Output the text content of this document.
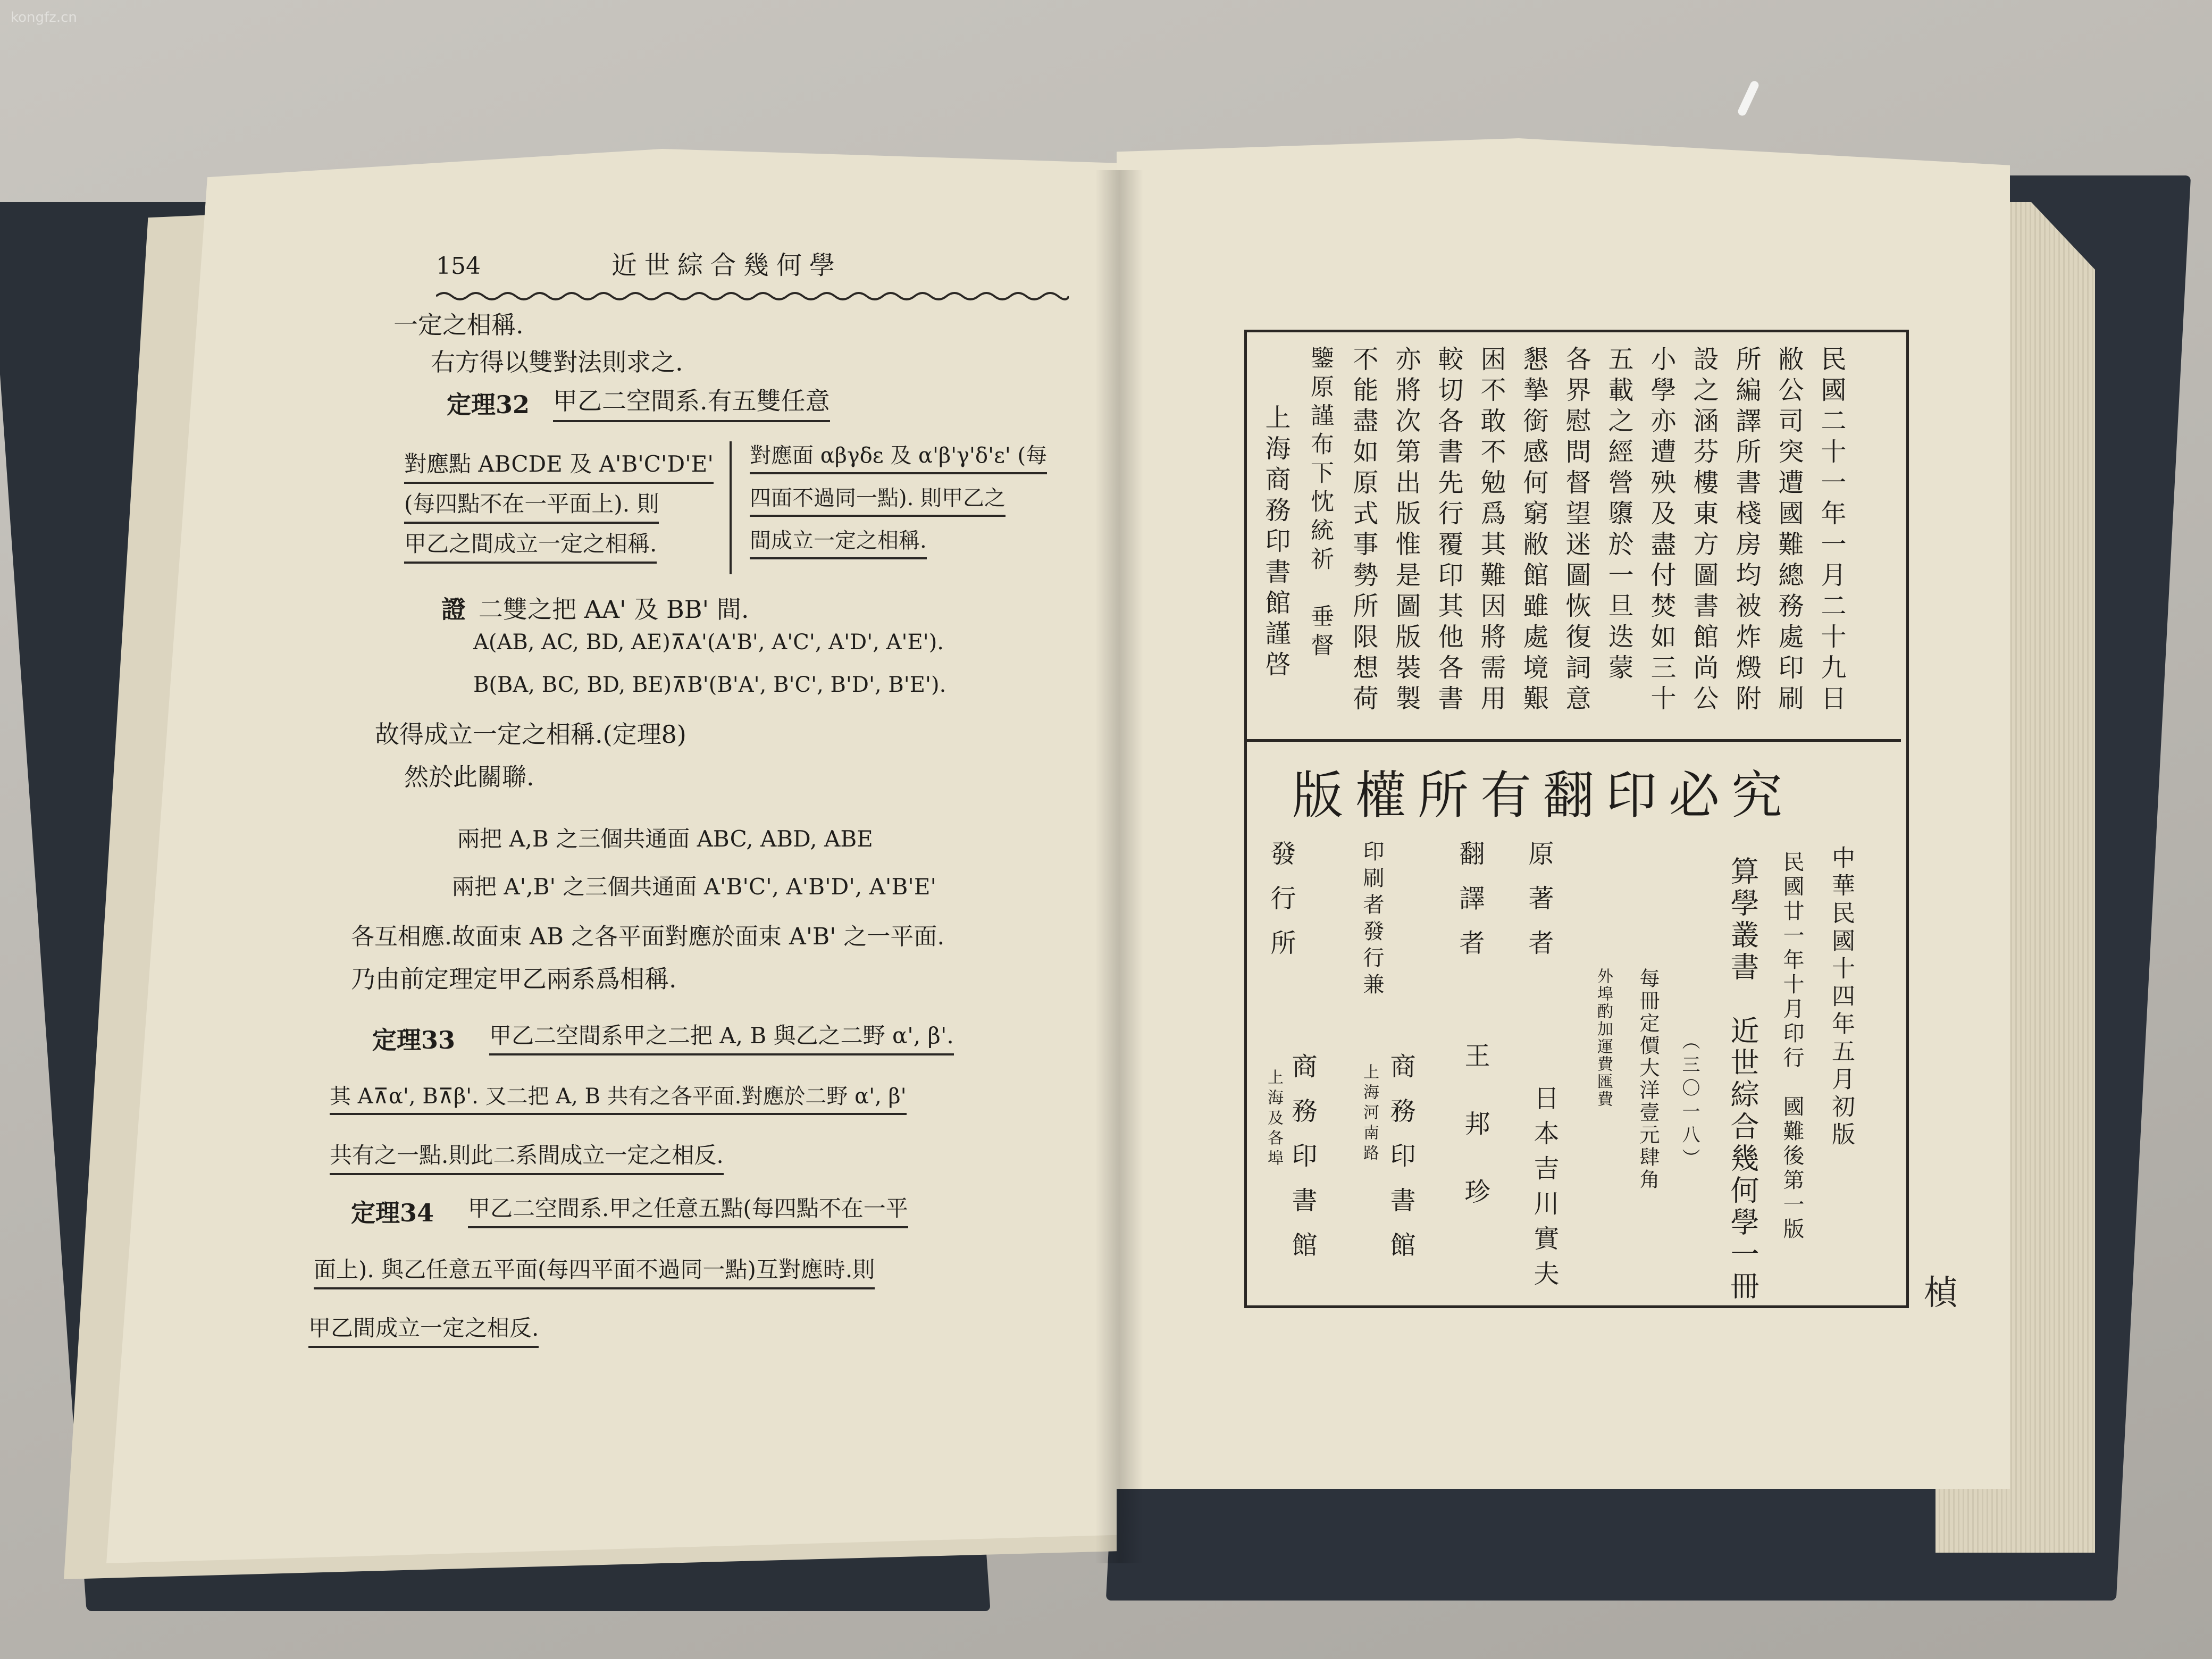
kongfz.cn
154	近世綜合幾何學
一定之相稱.
右方得以雙對法則求之.
定理32 甲乙二空間系.有五雙任意
對應點 ABCDE 及 A'B'C'D'E'
(每四點不在一平面上). 則
甲乙之間成立一定之相稱.
對應面 αβγδε 及 α'β'γ'δ'ε' (每
四面不過同一點). 則甲乙之
間成立一定之相稱.
證 二雙之把 AA' 及 BB' 間.
A(AB, AC, BD, AE)⊼A'(A'B', A'C', A'D', A'E').
B(BA, BC, BD, BE)⊼B'(B'A', B'C', B'D', B'E').
故得成立一定之相稱.(定理8)
然於此關聯.
兩把 A,B 之三個共通面 ABC, ABD, ABE
兩把 A',B' 之三個共通面 A'B'C', A'B'D', A'B'E'
各互相應.故面束 AB 之各平面對應於面束 A'B' 之一平面.
乃由前定理定甲乙兩系爲相稱.
定理33 甲乙二空間系甲之二把 A, B 與乙之二野 α', β'.
其 A⊼α', B⊼β'. 又二把 A, B 共有之各平面.對應於二野 α', β'
共有之一點.則此二系間成立一定之相反.
定理34 甲乙二空間系.甲之任意五點(每四點不在一平
面上). 與乙任意五平面(每四平面不過同一點)互對應時.則
甲乙間成立一定之相反.
民國二十一年一月二十九日
敝公司突遭國難總務處印刷
所編譯所書棧房均被炸燬附
設之涵芬樓東方圖書館尚公
小學亦遭殃及盡付焚如三十
五載之經營隳於一旦迭蒙
各界慰問督望迷圖恢復詞意
懇摯銜感何窮敝館雖處境艱
困不敢不勉爲其難因將需用
較切各書先行覆印其他各書
亦將次第出版惟是圖版裝製
不能盡如原式事勢所限想荷
鑒原謹布下忱統祈　垂督
上海商務印書館謹啓
版權所有翻印必究
中華民國十四年五月初版
民國廿一年十月印行　國難後第一版
算學叢書　近世綜合幾何學一冊
（三〇一八）
每冊定價大洋壹元肆角
外埠酌加運費匯費
原著者
日本吉川實夫
翻譯者
王邦珍
印刷者發行兼
商務印書館
上海河南路
發行所
商務印書館
上海及各埠
楨
